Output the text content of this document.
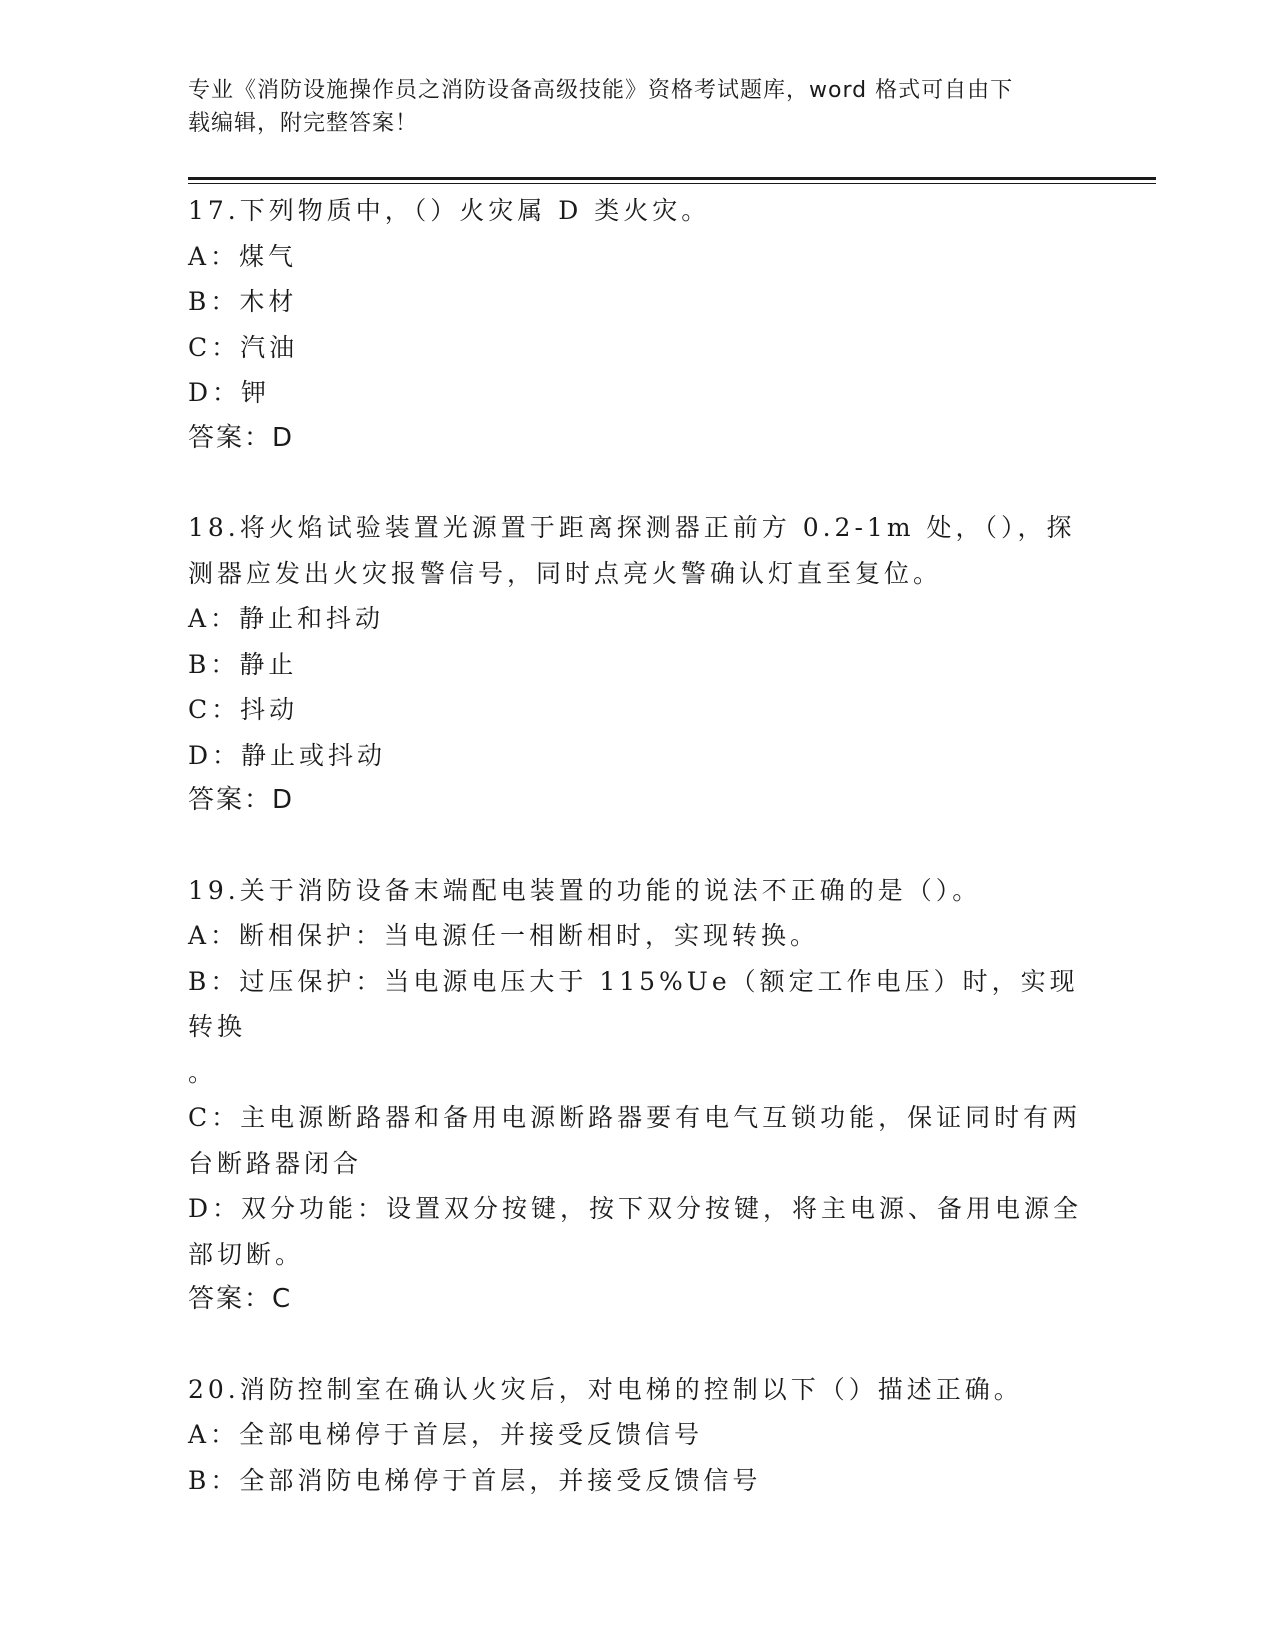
专业《消防设施操作员之消防设备高级技能》资格考试题库，word 格式可自由下
载编辑，附完整答案！
17.下列物质中，（）火灾属 D 类火灾。
A：煤气
B：木材
C：汽油
D：钾
答案：D
18.将火焰试验装置光源置于距离探测器正前方 0.2-1m 处，（），探
测器应发出火灾报警信号，同时点亮火警确认灯直至复位。
A：静止和抖动
B：静止
C：抖动
D：静止或抖动
答案：D
19.关于消防设备末端配电装置的功能的说法不正确的是（）。
A：断相保护：当电源任一相断相时，实现转换。
B：过压保护：当电源电压大于 115%Ue（额定工作电压）时，实现转换
。
C：主电源断路器和备用电源断路器要有电气互锁功能，保证同时有两
台断路器闭合
D：双分功能：设置双分按键，按下双分按键，将主电源、备用电源全
部切断。
答案：C
20.消防控制室在确认火灾后，对电梯的控制以下（）描述正确。
A：全部电梯停于首层，并接受反馈信号
B：全部消防电梯停于首层，并接受反馈信号
